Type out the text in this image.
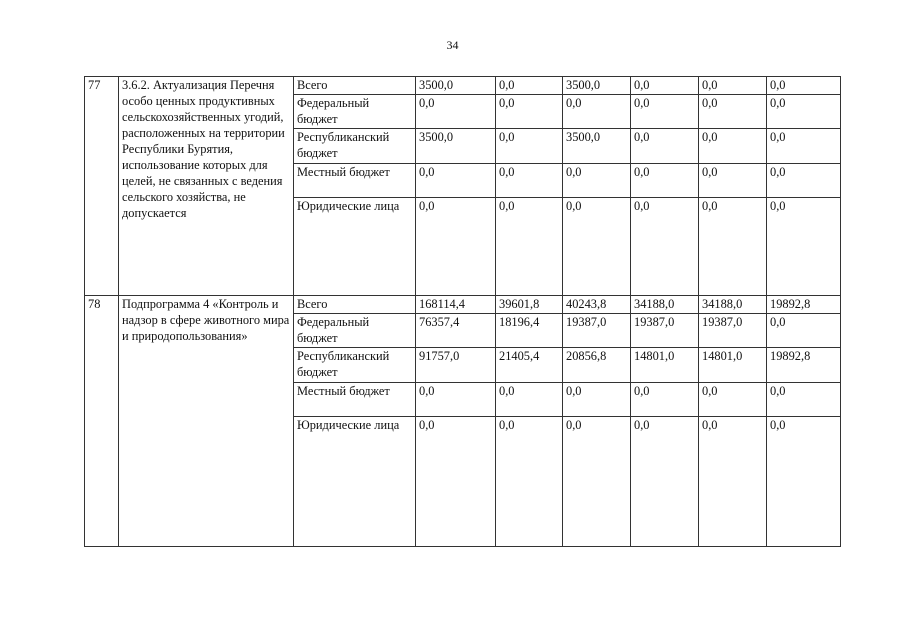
34
77	3.6.2. Актуализация Перечня особо ценных продуктивных сельскохозяйственных угодий, расположенных на территории Республики Бурятия, использование которых для целей, не связанных с ведения сельского хозяйства, не допускается	Всего	3500,0	0,0	3500,0	0,0	0,0	0,0
		Федеральный бюджет	0,0	0,0	0,0	0,0	0,0	0,0
		Республиканский бюджет	3500,0	0,0	3500,0	0,0	0,0	0,0
		Местный бюджет	0,0	0,0	0,0	0,0	0,0	0,0
		Юридические лица	0,0	0,0	0,0	0,0	0,0	0,0
78	Подпрограмма 4 «Контроль и надзор в сфере животного мира и природопользования»	Всего	168114,4	39601,8	40243,8	34188,0	34188,0	19892,8
		Федеральный бюджет	76357,4	18196,4	19387,0	19387,0	19387,0	0,0
		Республиканский бюджет	91757,0	21405,4	20856,8	14801,0	14801,0	19892,8
		Местный бюджет	0,0	0,0	0,0	0,0	0,0	0,0
		Юридические лица	0,0	0,0	0,0	0,0	0,0	0,0
